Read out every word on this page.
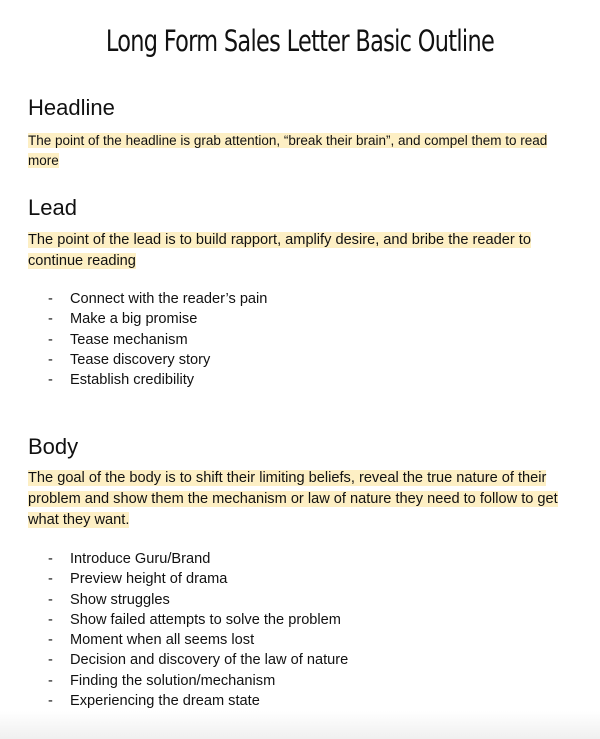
Long Form Sales Letter Basic Outline
Headline

The point of the headline is grab attention, “break their brain”, and compel them to read more

Lead

The point of the lead is to build rapport, amplify desire, and bribe the reader to continue reading

- Connect with the reader’s pain
- Make a big promise
- Tease mechanism
- Tease discovery story
- Establish credibility
Body

The goal of the body is to shift their limiting beliefs, reveal the true nature of their problem and show them the mechanism or law of nature they need to follow to get what they want.

- Introduce Guru/Brand
- Preview height of drama
- Show struggles
- Show failed attempts to solve the problem
- Moment when all seems lost
- Decision and discovery of the law of nature
- Finding the solution/mechanism
- Experiencing the dream state
